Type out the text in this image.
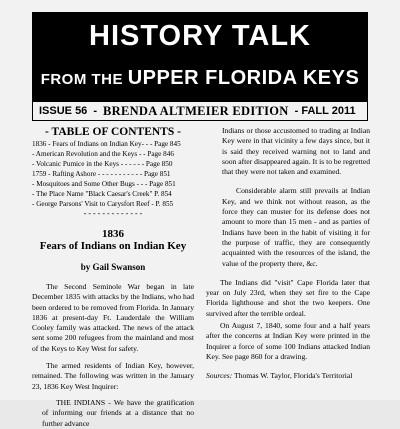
HISTORY TALK
FROM THE UPPER FLORIDA KEYS
ISSUE 56 - BRENDA ALTMEIER EDITION - FALL 2011
- TABLE OF CONTENTS -
1836 - Fears of Indians on Indian Key- - - Page 845
- American Revolution and the Keys - - Page 846
- Volcanic Pumice in the Keys - - - - - - Page 850
1759 - Rafting Ashore - - - - - - - - - - - Page 851
- Mosquitoes and Some Other Bugs - - - Page 851
- The Place Name "Black Caesar's Creek" P. 854
- George Parsons' Visit to Carysfort Reef - P. 855
- - - - - - - - - - - - -
1836
Fears of Indians on Indian Key
by Gail Swanson
The Second Seminole War began in late December 1835 with attacks by the Indians, who had been ordered to be removed from Florida. In January 1836 at present-day Ft. Lauderdale the William Cooley family was attacked. The news of the attack sent some 200 refugees from the mainland and most of the Keys to Key West for safety.
The armed residents of Indian Key, however, remained. The following was written in the January 23, 1836 Key West Inquirer:
THE INDIANS - We have the gratification of informing our friends at a distance that no further advance
Indians or those accustomed to trading at Indian Key were in that vicinity a few days since, but it is said they received warning not to land and soon after disappeared again. It is to be regretted that they were not taken and examined.
Considerable alarm still prevails at Indian Key, and we think not without reason, as the force they can muster for its defense does not amount to more than 15 men - and as parties of Indians have been in the habit of visiting it for the purpose of traffic, they are consequently acquainted with the resources of the island, the value of the property there, &c.
The Indians did "visit" Cape Florida later that year on July 23rd, when they set fire to the Cape Florida lighthouse and shot the two keepers. One survived after the terrible ordeal.
On August 7, 1840, some four and a half years after the concerns at Indian Key were printed in the Inquirer a force of some 100 Indians attacked Indian Key. See page 860 for a drawing.
Sources: Thomas W. Taylor, Florida's Territorial
